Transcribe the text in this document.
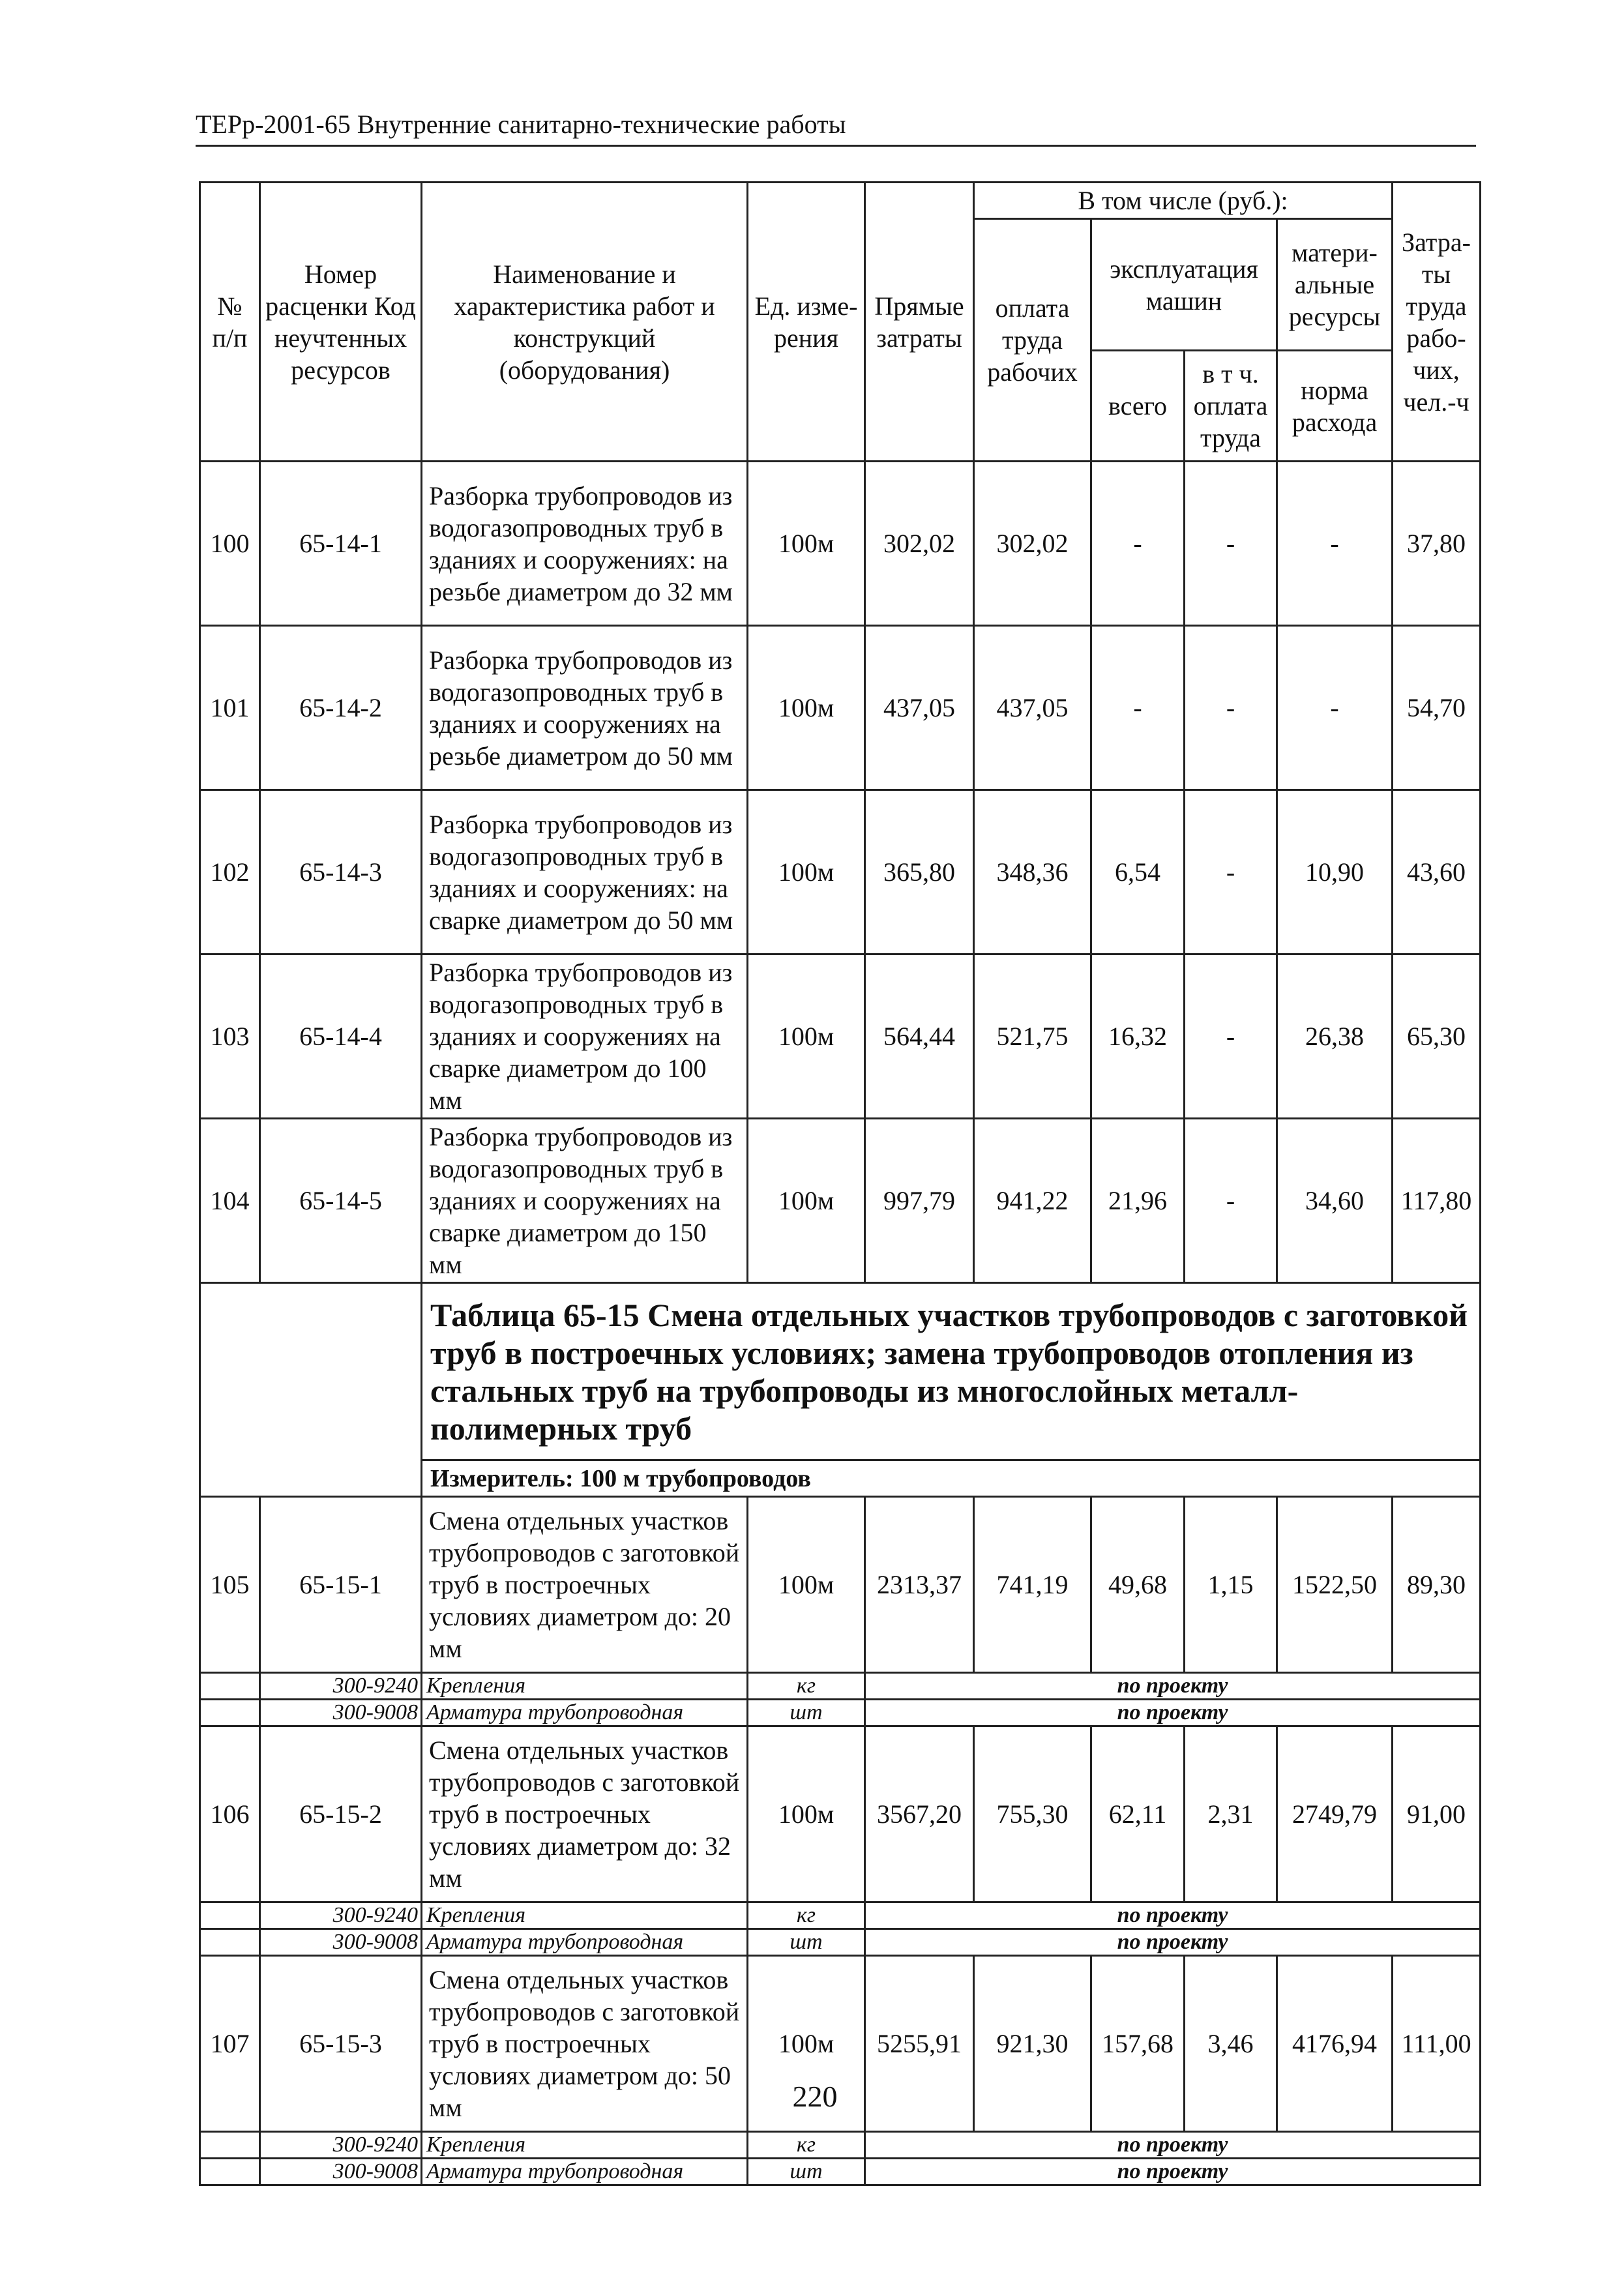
ТЕРр-2001-65 Внутренние санитарно-технические работы
№ п/п	Номер расценки Код неучтенных ресурсов	Наименование и характеристика работ и конструкций (оборудования)	Ед. изме-рения	Прямые затраты	В том числе (руб.):				Затра-ты труда рабо-чих, чел.-ч
					оплата труда рабочих	эксплуатация машин		матери-альные ресурсы	
						всего	в т ч. оплата труда	норма расхода	
100	65-14-1	Разборка трубопроводов из водогазопроводных труб в зданиях и сооружениях: на резьбе диаметром до 32 мм	100м	302,02	302,02	-	-	-	37,80
101	65-14-2	Разборка трубопроводов из водогазопроводных труб в зданиях и сооружениях на резьбе диаметром до 50 мм	100м	437,05	437,05	-	-	-	54,70
102	65-14-3	Разборка трубопроводов из водогазопроводных труб в зданиях и сооружениях: на сварке диаметром до 50 мм	100м	365,80	348,36	6,54	-	10,90	43,60
103	65-14-4	Разборка трубопроводов из водогазопроводных труб в зданиях и сооружениях на сварке диаметром до 100 мм	100м	564,44	521,75	16,32	-	26,38	65,30
104	65-14-5	Разборка трубопроводов из водогазопроводных труб в зданиях и сооружениях на сварке диаметром до 150 мм	100м	997,79	941,22	21,96	-	34,60	117,80
		Таблица 65-15 Смена отдельных участков трубопроводов с заготовкой труб в построечных условиях; замена трубопроводов отопления из стальных труб на трубопроводы из многослойных металл-полимерных труб							
		Измеритель: 100 м трубопроводов							
105	65-15-1	Смена отдельных участков трубопроводов с заготовкой труб в построечных условиях диаметром до: 20 мм	100м	2313,37	741,19	49,68	1,15	1522,50	89,30
	300-9240	Крепления	кг	по проекту					
	300-9008	Арматура трубопроводная	шт	по проекту					
106	65-15-2	Смена отдельных участков трубопроводов с заготовкой труб в построечных условиях диаметром до: 32 мм	100м	3567,20	755,30	62,11	2,31	2749,79	91,00
	300-9240	Крепления	кг	по проекту					
	300-9008	Арматура трубопроводная	шт	по проекту					
107	65-15-3	Смена отдельных участков трубопроводов с заготовкой труб в построечных условиях диаметром до: 50 мм	100м	5255,91	921,30	157,68	3,46	4176,94	111,00
	300-9240	Крепления	кг	по проекту					
	300-9008	Арматура трубопроводная	шт	по проекту					
220
